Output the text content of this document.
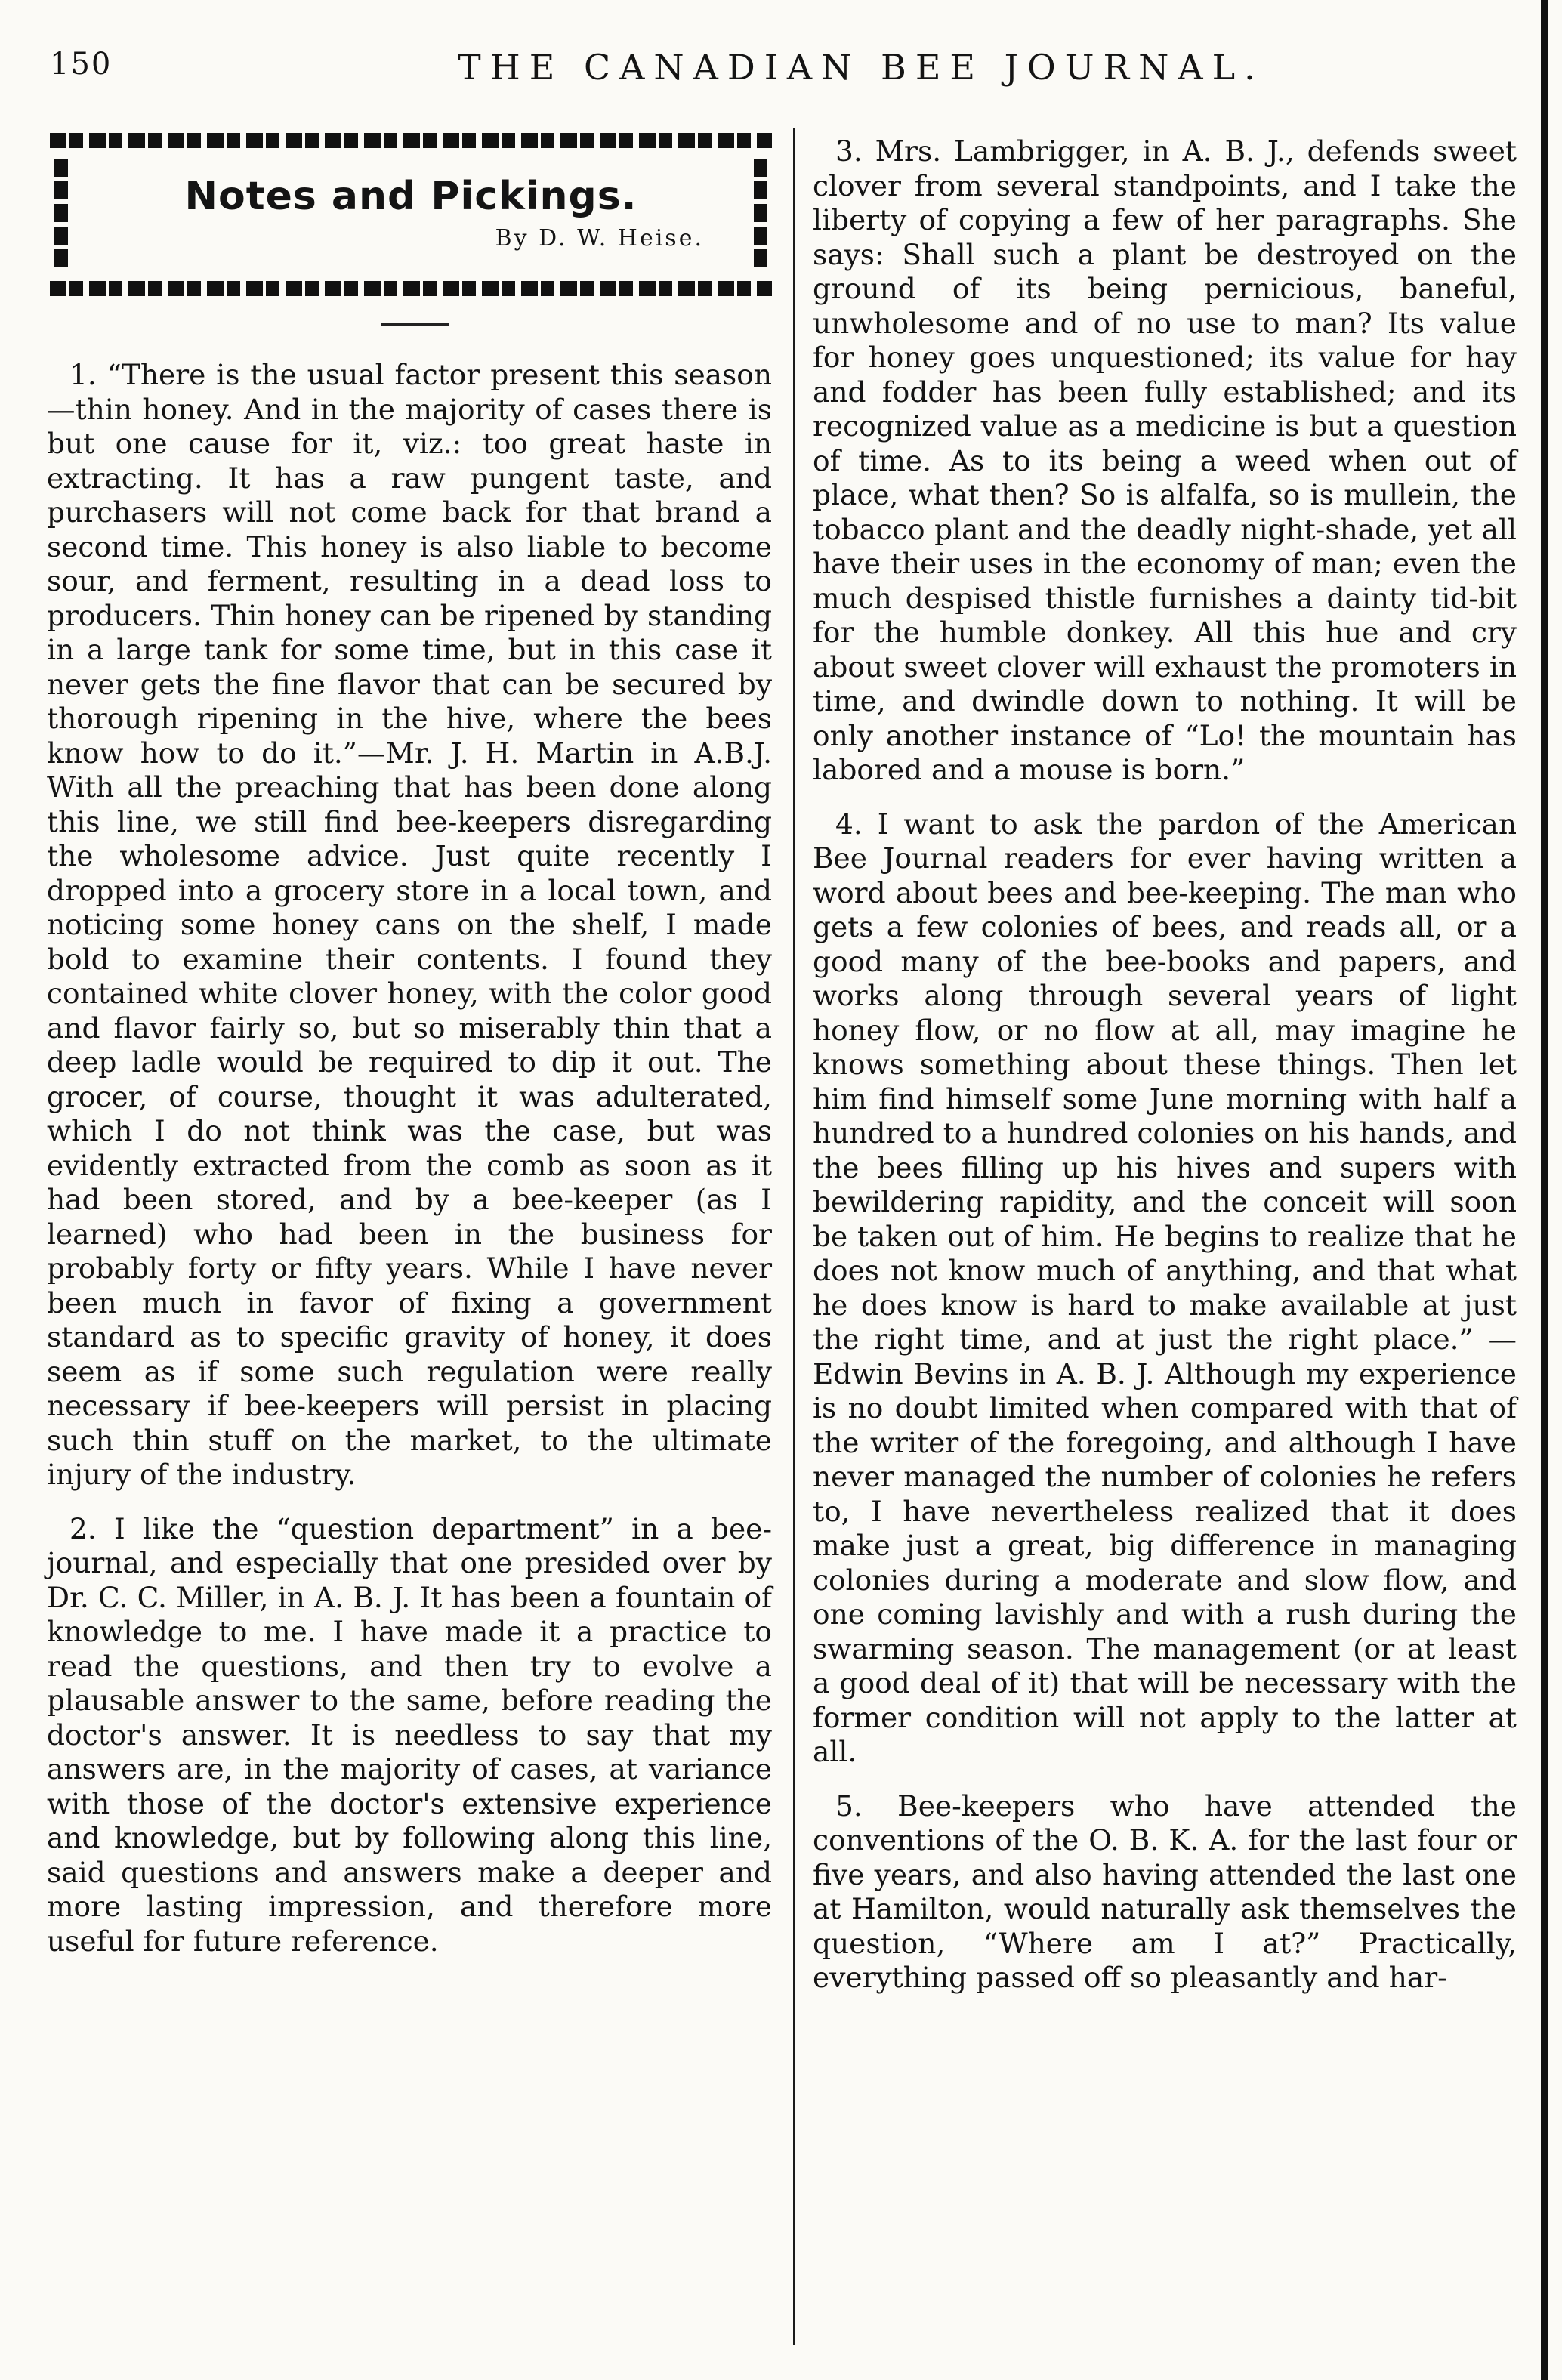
150	THE CANADIAN BEE JOURNAL.
Notes and Pickings.
By D. W. Heise.

1. “There is the usual factor present this season—thin honey. And in the majority of cases there is but one cause for it, viz.: too great haste in extracting. It has a raw pungent taste, and purchasers will not come back for that brand a second time. This honey is also liable to become sour, and ferment, resulting in a dead loss to producers. Thin honey can be ripened by standing in a large tank for some time, but in this case it never gets the fine flavor that can be secured by thorough ripening in the hive, where the bees know how to do it.”—Mr. J. H. Martin in A.B.J. With all the preaching that has been done along this line, we still find bee-keepers disregarding the wholesome advice. Just quite recently I dropped into a grocery store in a local town, and noticing some honey cans on the shelf, I made bold to examine their contents. I found they contained white clover honey, with the color good and flavor fairly so, but so miserably thin that a deep ladle would be required to dip it out. The grocer, of course, thought it was adulterated, which I do not think was the case, but was evidently extracted from the comb as soon as it had been stored, and by a bee-keeper (as I learned) who had been in the business for probably forty or fifty years. While I have never been much in favor of fixing a government standard as to specific gravity of honey, it does seem as if some such regulation were really necessary if bee-keepers will persist in placing such thin stuff on the market, to the ultimate injury of the industry.

2. I like the “question department” in a bee-journal, and especially that one presided over by Dr. C. C. Miller, in A. B. J. It has been a fountain of knowledge to me. I have made it a practice to read the questions, and then try to evolve a plausable answer to the same, before reading the doctor's answer. It is needless to say that my answers are, in the majority of cases, at variance with those of the doctor's extensive experience and knowledge, but by following along this line, said questions and answers make a deeper and more lasting impression, and therefore more useful for future reference.

3. Mrs. Lambrigger, in A. B. J., defends sweet clover from several standpoints, and I take the liberty of copying a few of her paragraphs. She says: Shall such a plant be destroyed on the ground of its being pernicious, baneful, unwholesome and of no use to man? Its value for honey goes unquestioned; its value for hay and fodder has been fully established; and its recognized value as a medicine is but a question of time. As to its being a weed when out of place, what then? So is alfalfa, so is mullein, the tobacco plant and the deadly night-shade, yet all have their uses in the economy of man; even the much despised thistle furnishes a dainty tid-bit for the humble donkey. All this hue and cry about sweet clover will exhaust the promoters in time, and dwindle down to nothing. It will be only another instance of “Lo! the mountain has labored and a mouse is born.”

4. I want to ask the pardon of the American Bee Journal readers for ever having written a word about bees and bee-keeping. The man who gets a few colonies of bees, and reads all, or a good many of the bee-books and papers, and works along through several years of light honey flow, or no flow at all, may imagine he knows something about these things. Then let him find himself some June morning with half a hundred to a hundred colonies on his hands, and the bees filling up his hives and supers with bewildering rapidity, and the conceit will soon be taken out of him. He begins to realize that he does not know much of anything, and that what he does know is hard to make available at just the right time, and at just the right place.” —Edwin Bevins in A. B. J. Although my experience is no doubt limited when compared with that of the writer of the foregoing, and although I have never managed the number of colonies he refers to, I have nevertheless realized that it does make just a great, big difference in managing colonies during a moderate and slow flow, and one coming lavishly and with a rush during the swarming season. The management (or at least a good deal of it) that will be necessary with the former condition will not apply to the latter at all.

5. Bee-keepers who have attended the conventions of the O. B. K. A. for the last four or five years, and also having attended the last one at Hamilton, would naturally ask themselves the question, “Where am I at?” Practically, everything passed off so pleasantly and har-
